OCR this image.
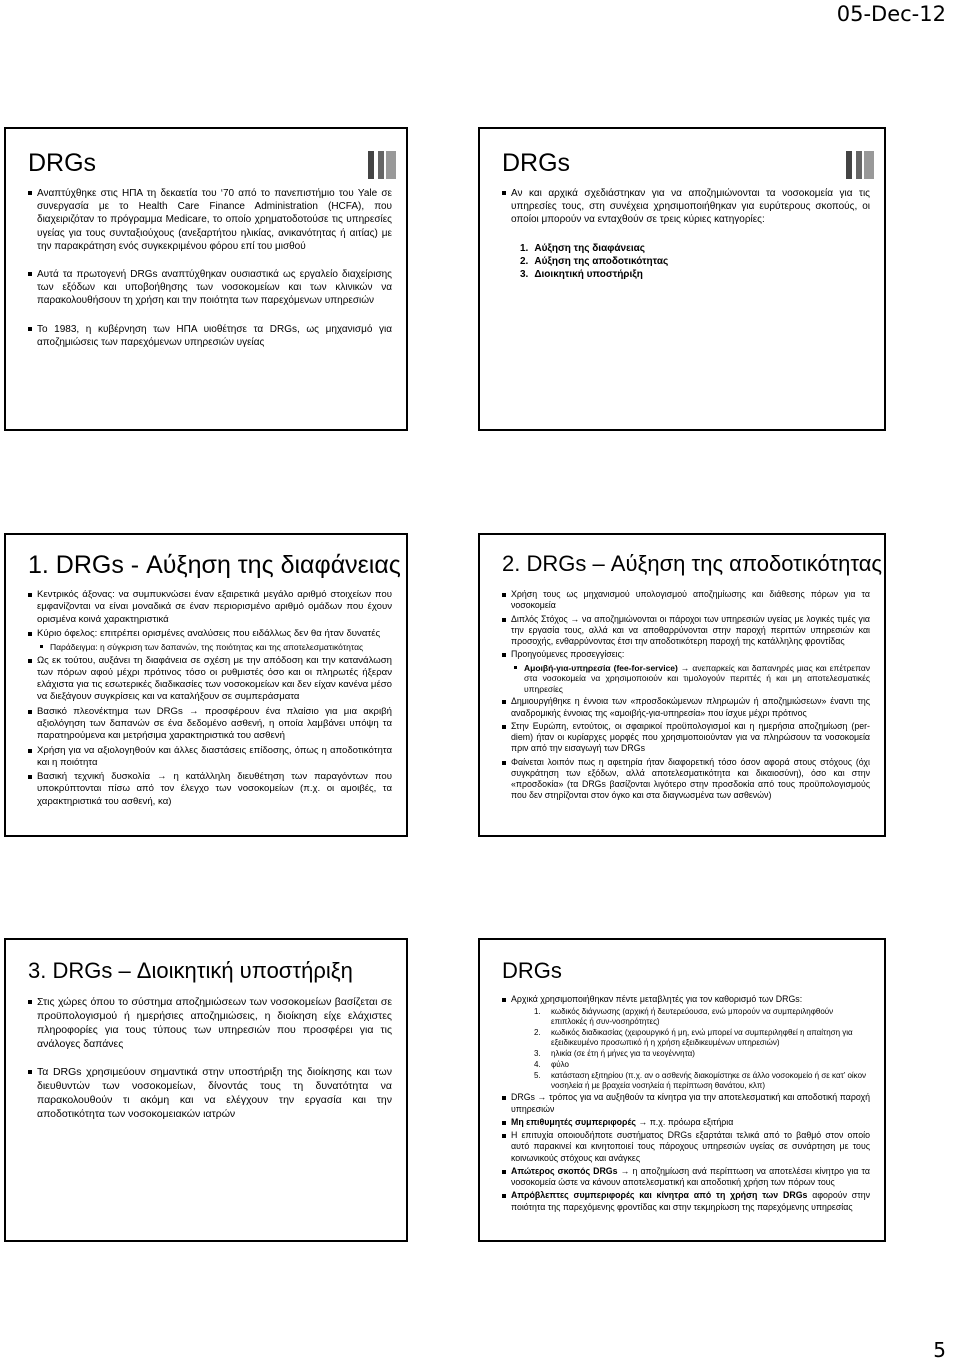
05-Dec-12
DRGs
Αναπτύχθηκε στις ΗΠΑ τη δεκαετία του ‘70 από το πανεπιστήμιο του Yale σε συνεργασία με το Health Care Finance Administration (HCFA), που διαχειριζόταν το πρόγραμμα Medicare, το οποίο χρηματοδοτούσε τις υπηρεσίες υγείας για τους συνταξιούχους (ανεξαρτήτου ηλικίας, ανικανότητας ή αιτίας) με την παρακράτηση ενός συγκεκριμένου φόρου επί του μισθού
Αυτά τα πρωτογενή DRGs αναπτύχθηκαν ουσιαστικά ως εργαλείο διαχείρισης των εξόδων και υποβοήθησης των νοσοκομείων και των κλινικών να παρακολουθήσουν τη χρήση και την ποιότητα των παρεχόμενων υπηρεσιών
Το 1983, η κυβέρνηση των ΗΠΑ υιοθέτησε τα DRGs, ως μηχανισμό για αποζημιώσεις των παρεχόμενων υπηρεσιών υγείας
DRGs
Αν και αρχικά σχεδιάστηκαν για να αποζημιώνονται τα νοσοκομεία για τις υπηρεσίες τους, στη συνέχεια χρησιμοποιήθηκαν για ευρύτερους σκοπούς, οι οποίοι μπορούν να ενταχθούν σε τρεις κύριες κατηγορίες:
1. Αύξηση της διαφάνειας
2. Αύξηση της αποδοτικότητας
3. Διοικητική υποστήριξη
1. DRGs - Αύξηση της διαφάνειας
Κεντρικός άξονας: να συμπυκνώσει έναν εξαιρετικά μεγάλο αριθμό στοιχείων που εμφανίζονται να είναι μοναδικά σε έναν περιορισμένο αριθμό ομάδων που έχουν ορισμένα κοινά χαρακτηριστικά
Κύριο όφελος: επιτρέπει ορισμένες αναλύσεις που ειδάλλως δεν θα ήταν δυνατές
Παράδειγμα: η σύγκριση των δαπανών, της ποιότητας και της αποτελεσματικότητας
Ως εκ τούτου, αυξάνει τη διαφάνεια σε σχέση με την απόδοση και την κατανάλωση των πόρων αφού μέχρι πρότινος τόσο οι ρυθμιστές όσο και οι πληρωτές ήξεραν ελάχιστα για τις εσωτερικές διαδικασίες των νοσοκομείων και δεν είχαν κανένα μέσο να διεξάγουν συγκρίσεις και να καταλήξουν σε συμπεράσματα
Βασικό πλεονέκτημα των DRGs → προσφέρουν ένα πλαίσιο για μια ακριβή αξιολόγηση των δαπανών σε ένα δεδομένο ασθενή, η οποία λαμβάνει υπόψη τα παρατηρούμενα και μετρήσιμα χαρακτηριστικά του ασθενή
Χρήση για να αξιολογηθούν και άλλες διαστάσεις επίδοσης, όπως η αποδοτικότητα και η ποιότητα
Βασική τεχνική δυσκολία → η κατάλληλη διευθέτηση των παραγόντων που υποκρύπτονται πίσω από τον έλεγχο των νοσοκομείων (π.χ. οι αμοιβές, τα χαρακτηριστικά του ασθενή, κα)
2. DRGs – Αύξηση της αποδοτικότητας
Χρήση τους ως μηχανισμού υπολογισμού αποζημίωσης και διάθεσης πόρων για τα νοσοκομεία
Διπλός Στόχος → να αποζημιώνονται οι πάροχοι των υπηρεσιών υγείας με λογικές τιμές για την εργασία τους, αλλά και να αποθαρρύνονται στην παροχή περιττών υπηρεσιών και προσοχής, ενθαρρύνοντας έτσι την αποδοτικότερη παροχή της κατάλληλης φροντίδας
Προηγούμενες προσεγγίσεις:
Αμοιβή-για-υπηρεσία (fee-for-service) → ανεπαρκείς και δαπανηρές μιας και επέτρεπαν στα νοσοκομεία να χρησιμοποιούν και τιμολογούν περιττές ή και μη αποτελεσματικές υπηρεσίες
Δημιουργήθηκε η έννοια των «προσδοκώμενων πληρωμών ή αποζημιώσεων» έναντι της αναδρομικής έννοιας της «αμοιβής-για-υπηρεσία» που ίσχυε μέχρι πρότινος
Στην Ευρώπη, εντούτοις, οι σφαιρικοί προϋπολογισμοί και η ημερήσια αποζημίωση (per-diem) ήταν οι κυρίαρχες μορφές που χρησιμοποιούνταν για να πληρώσουν τα νοσοκομεία πριν από την εισαγωγή των DRGs
Φαίνεται λοιπόν πως η αφετηρία ήταν διαφορετική τόσο όσον αφορά στους στόχους (όχι συγκράτηση των εξόδων, αλλά αποτελεσματικότητα και δικαιοσύνη), όσο και στην «προσδοκία» (τα DRGs βασίζονται λιγότερο στην προσδοκία από τους προϋπολογισμούς που δεν στηρίζονται στον όγκο και στα διαγνωσμένα των ασθενών)
3. DRGs – Διοικητική υποστήριξη
Στις χώρες όπου το σύστημα αποζημιώσεων των νοσοκομείων βασίζεται σε προϋπολογισμού ή ημερήσιες αποζημιώσεις, η διοίκηση είχε ελάχιστες πληροφορίες για τους τύπους των υπηρεσιών που προσφέρει για τις ανάλογες δαπάνες
Τα DRGs χρησιμεύουν σημαντικά στην υποστήριξη της διοίκησης και των διευθυντών των νοσοκομείων, δίνοντάς τους τη δυνατότητα να παρακολουθούν τι ακόμη και να ελέγχουν την εργασία και την αποδοτικότητα των νοσοκομειακών ιατρών
DRGs
Αρχικά χρησιμοποιήθηκαν πέντε μεταβλητές για τον καθορισμό των DRGs:
1.	κωδικός διάγνωσης (αρχική ή δευτερεύουσα, ενώ μπορούν να συμπεριληφθούν επιπλοκές ή συν-νοσηρότητες)
2.	κωδικός διαδικασίας (χειρουργικό ή μη, ενώ μπορεί να συμπεριληφθεί η απαίτηση για εξειδικευμένο προσωπικό ή η χρήση εξειδικευμένων υπηρεσιών)
3.	ηλικία (σε έτη ή μήνες για τα νεογέννητα)
4.	φύλο
5.	κατάσταση εξιτηρίου (π.χ. αν ο ασθενής διακομίστηκε σε άλλο νοσοκομείο ή σε κατ’ οίκον νοσηλεία ή με βραχεία νοσηλεία ή περίπτωση θανάτου, κλπ)
DRGs → τρόπος για να αυξηθούν τα κίνητρα για την αποτελεσματική και αποδοτική παροχή υπηρεσιών
Μη επιθυμητές συμπεριφορές → π.χ. πρόωρα εξιτήρια
Η επιτυχία οποιουδήποτε συστήματος DRGs εξαρτάται τελικά από το βαθμό στον οποίο αυτό παρακινεί και κινητοποιεί τους πάροχους υπηρεσιών υγείας σε συνάρτηση με τους κοινωνικούς στόχους και ανάγκες
Απώτερος σκοπός DRGs → η αποζημίωση ανά περίπτωση να αποτελέσει κίνητρο για τα νοσοκομεία ώστε να κάνουν αποτελεσματική και αποδοτική χρήση των πόρων τους
Απρόβλεπτες συμπεριφορές και κίνητρα από τη χρήση των DRGs αφορούν στην ποιότητα της παρεχόμενης φροντίδας και στην τεκμηρίωση της παρεχόμενης υπηρεσίας
5
